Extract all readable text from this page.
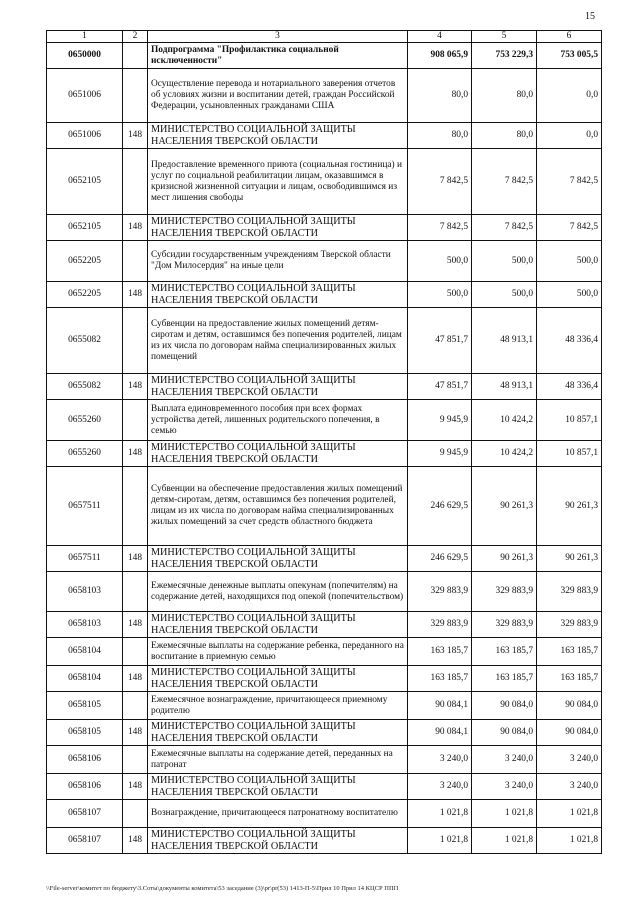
15
1	2	3	4	5	6
0650000		Подпрограмма "Профилактика социальной исключенности"	908 065,9	753 229,3	753 005,5
0651006		Осуществление перевода и нотариального заверения отчетов об условиях жизни и воспитании детей, граждан Российской Федерации, усыновленных гражданами США	80,0	80,0	0,0
0651006	148	МИНИСТЕРСТВО СОЦИАЛЬНОЙ ЗАЩИТЫ НАСЕЛЕНИЯ ТВЕРСКОЙ ОБЛАСТИ	80,0	80,0	0,0
0652105		Предоставление временного приюта (социальная гостиница) и услуг по социальной реабилитации лицам, оказавшимся в кризисной жизненной ситуации и лицам, освободившимся из мест лишения свободы	7 842,5	7 842,5	7 842,5
0652105	148	МИНИСТЕРСТВО СОЦИАЛЬНОЙ ЗАЩИТЫ НАСЕЛЕНИЯ ТВЕРСКОЙ ОБЛАСТИ	7 842,5	7 842,5	7 842,5
0652205		Субсидии государственным учреждениям Тверской области "Дом Милосердия" на иные цели	500,0	500,0	500,0
0652205	148	МИНИСТЕРСТВО СОЦИАЛЬНОЙ ЗАЩИТЫ НАСЕЛЕНИЯ ТВЕРСКОЙ ОБЛАСТИ	500,0	500,0	500,0
0655082		Субвенции на предоставление жилых помещений детям-сиротам и детям, оставшимся без попечения родителей, лицам из их числа по договорам найма специализированных жилых помещений	47 851,7	48 913,1	48 336,4
0655082	148	МИНИСТЕРСТВО СОЦИАЛЬНОЙ ЗАЩИТЫ НАСЕЛЕНИЯ ТВЕРСКОЙ ОБЛАСТИ	47 851,7	48 913,1	48 336,4
0655260		Выплата единовременного пособия при всех формах устройства детей, лишенных родительского попечения, в семью	9 945,9	10 424,2	10 857,1
0655260	148	МИНИСТЕРСТВО СОЦИАЛЬНОЙ ЗАЩИТЫ НАСЕЛЕНИЯ ТВЕРСКОЙ ОБЛАСТИ	9 945,9	10 424,2	10 857,1
0657511		Субвенции на обеспечение предоставления жилых помещений детям-сиротам, детям, оставшимся без попечения родителей, лицам из их числа по договорам найма специализированных жилых помещений за счет средств областного бюджета	246 629,5	90 261,3	90 261,3
0657511	148	МИНИСТЕРСТВО СОЦИАЛЬНОЙ ЗАЩИТЫ НАСЕЛЕНИЯ ТВЕРСКОЙ ОБЛАСТИ	246 629,5	90 261,3	90 261,3
0658103		Ежемесячные денежные выплаты опекунам (попечителям) на содержание детей, находящихся под опекой (попечительством)	329 883,9	329 883,9	329 883,9
0658103	148	МИНИСТЕРСТВО СОЦИАЛЬНОЙ ЗАЩИТЫ НАСЕЛЕНИЯ ТВЕРСКОЙ ОБЛАСТИ	329 883,9	329 883,9	329 883,9
0658104		Ежемесячные выплаты на содержание ребенка, переданного на воспитание в приемную семью	163 185,7	163 185,7	163 185,7
0658104	148	МИНИСТЕРСТВО СОЦИАЛЬНОЙ ЗАЩИТЫ НАСЕЛЕНИЯ ТВЕРСКОЙ ОБЛАСТИ	163 185,7	163 185,7	163 185,7
0658105		Ежемесячное вознаграждение, причитающееся приемному родителю	90 084,1	90 084,0	90 084,0
0658105	148	МИНИСТЕРСТВО СОЦИАЛЬНОЙ ЗАЩИТЫ НАСЕЛЕНИЯ ТВЕРСКОЙ ОБЛАСТИ	90 084,1	90 084,0	90 084,0
0658106		Ежемесячные выплаты на содержание детей, переданных на патронат	3 240,0	3 240,0	3 240,0
0658106	148	МИНИСТЕРСТВО СОЦИАЛЬНОЙ ЗАЩИТЫ НАСЕЛЕНИЯ ТВЕРСКОЙ ОБЛАСТИ	3 240,0	3 240,0	3 240,0
0658107		Вознаграждение, причитающееся патронатному воспитателю	1 021,8	1 021,8	1 021,8
0658107	148	МИНИСТЕРСТВО СОЦИАЛЬНОЙ ЗАЩИТЫ НАСЕЛЕНИЯ ТВЕРСКОЙ ОБЛАСТИ	1 021,8	1 021,8	1 021,8
\\File-server\комитет по бюджету\3.Соты\документы комитета\53 заседание (3)\pr\pr(53) 1413-П-5\Прил 10 Прил 14 КЦСР ППП
